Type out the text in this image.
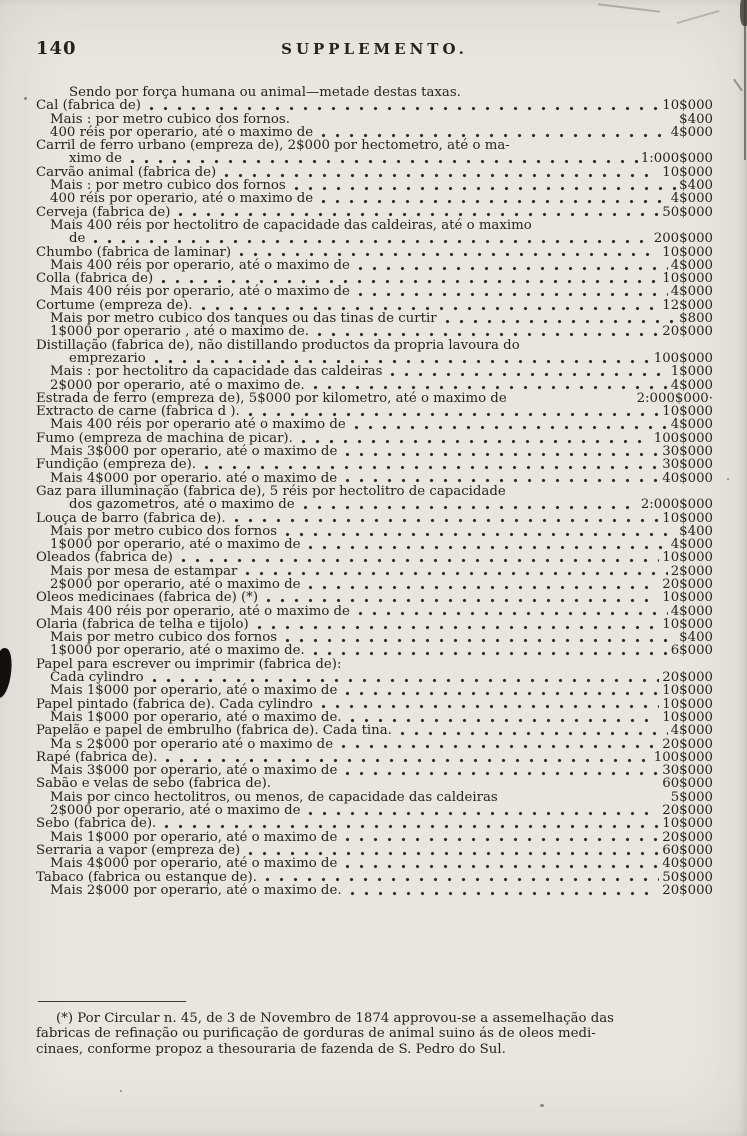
140	SUPPLEMENTO.
Sendo por força humana ou animal—metade destas taxas.
Cal (fabrica de)	10$000
Mais : por metro cubico dos fornos.	$400
400 réis por operario, até o maximo de	4$000
Carril de ferro urbano (empreza de), 2$000 por hectometro, até o ma-
ximo de	1:000$000
Carvão animal (fabrica de)	10$000
Mais : por metro cubico dos fornos	$400
400 réis por operario, até o maximo de	4$000
Cerveja (fabrica de)	50$000
Mais 400 réis por hectolitro de capacidade das caldeiras, até o maximo
de	200$000
Chumbo (fabrica de laminar)	10$000
Mais 400 réis por operario, até o maximo de	4$000
Colla (fabrica de)	10$000
Mais 400 réis por operario, até o maximo de	4$000
Cortume (empreza de).	12$000
Mais por metro cubico dos tanques ou das tinas de curtir	$800
1$000 por operario , até o maximo de.	20$000
Distillação (fabrica de), não distillando productos da propria lavoura do
emprezario	100$000
Mais : por hectolitro da capacidade das caldeiras	1$000
2$000 por operario, até o maximo de.	4$000
Estrada de ferro (empreza de), 5$000 por kilometro, até o maximo de	2:000$000·
Extracto de carne (fabrica d ).	10$000
Mais 400 réis por operario até o maximo de	4$000
Fumo (empreza de machina de picar).	100$000
Mais 3$000 por operario, até o maximo de	30$000
Fundição (empreza de).	30$000
Mais 4$000 por operario. até o maximo de	40$000
Gaz para illuminação (fabrica de), 5 réis por hectolitro de capacidade
dos gazometros, até o maximo de	2:000$000
Louça de barro (fabrica de).	10$000
Mais por metro cubico dos fornos	$400
1$000 por operario, até o maximo de	4$000
Oleados (fabrica de)	10$000
Mais por mesa de estampar	2$000
2$000 por operario, até o maximo de	20$000
Oleos medicinaes (fabrica de) (*)	10$000
Mais 400 réis por operario, até o maximo de	4$000
Olaria (fabrica de telha e tijolo)	10$000
Mais por metro cubico dos fornos	$400
1$000 por operario, até o maximo de.	6$000
Papel para escrever ou imprimir (fabrica de):
Cada cylindro	20$000
Mais 1$000 por operario, até o maximo de	10$000
Papel pintado (fabrica de). Cada cylindro	10$000
Mais 1$000 por operario, até o maximo de.	10$000
Papelão e papel de embrulho (fabrica de). Cada tina.	4$000
Ma s 2$000 por operario até o maximo de	20$000
Rapé (fabrica de).	100$000
Mais 3$000 por operario, até o maximo de	30$000
Sabão e velas de sebo (fabrica de).	60$000
Mais por cinco hectolitros, ou menos, de capacidade das caldeiras	5$000
2$000 por operario, até o maximo de	20$000
Sebo (fabrica de).	10$000
Mais 1$000 por operario, até o maximo de	20$000
Serraria a vapor (empreza de)	60$000
Mais 4$000 por operario, até o maximo de	40$000
Tabaco (fabrica ou estanque de).	50$000
Mais 2$000 por operario, até o maximo de.	20$000
(*) Por Circular n. 45, de 3 de Novembro de 1874 approvou-se a assemelhação das
fabricas de refinação ou purificação de gorduras de animal suino ás de oleos medi-
cinaes, conforme propoz a thesouraria de fazenda de S. Pedro do Sul.
